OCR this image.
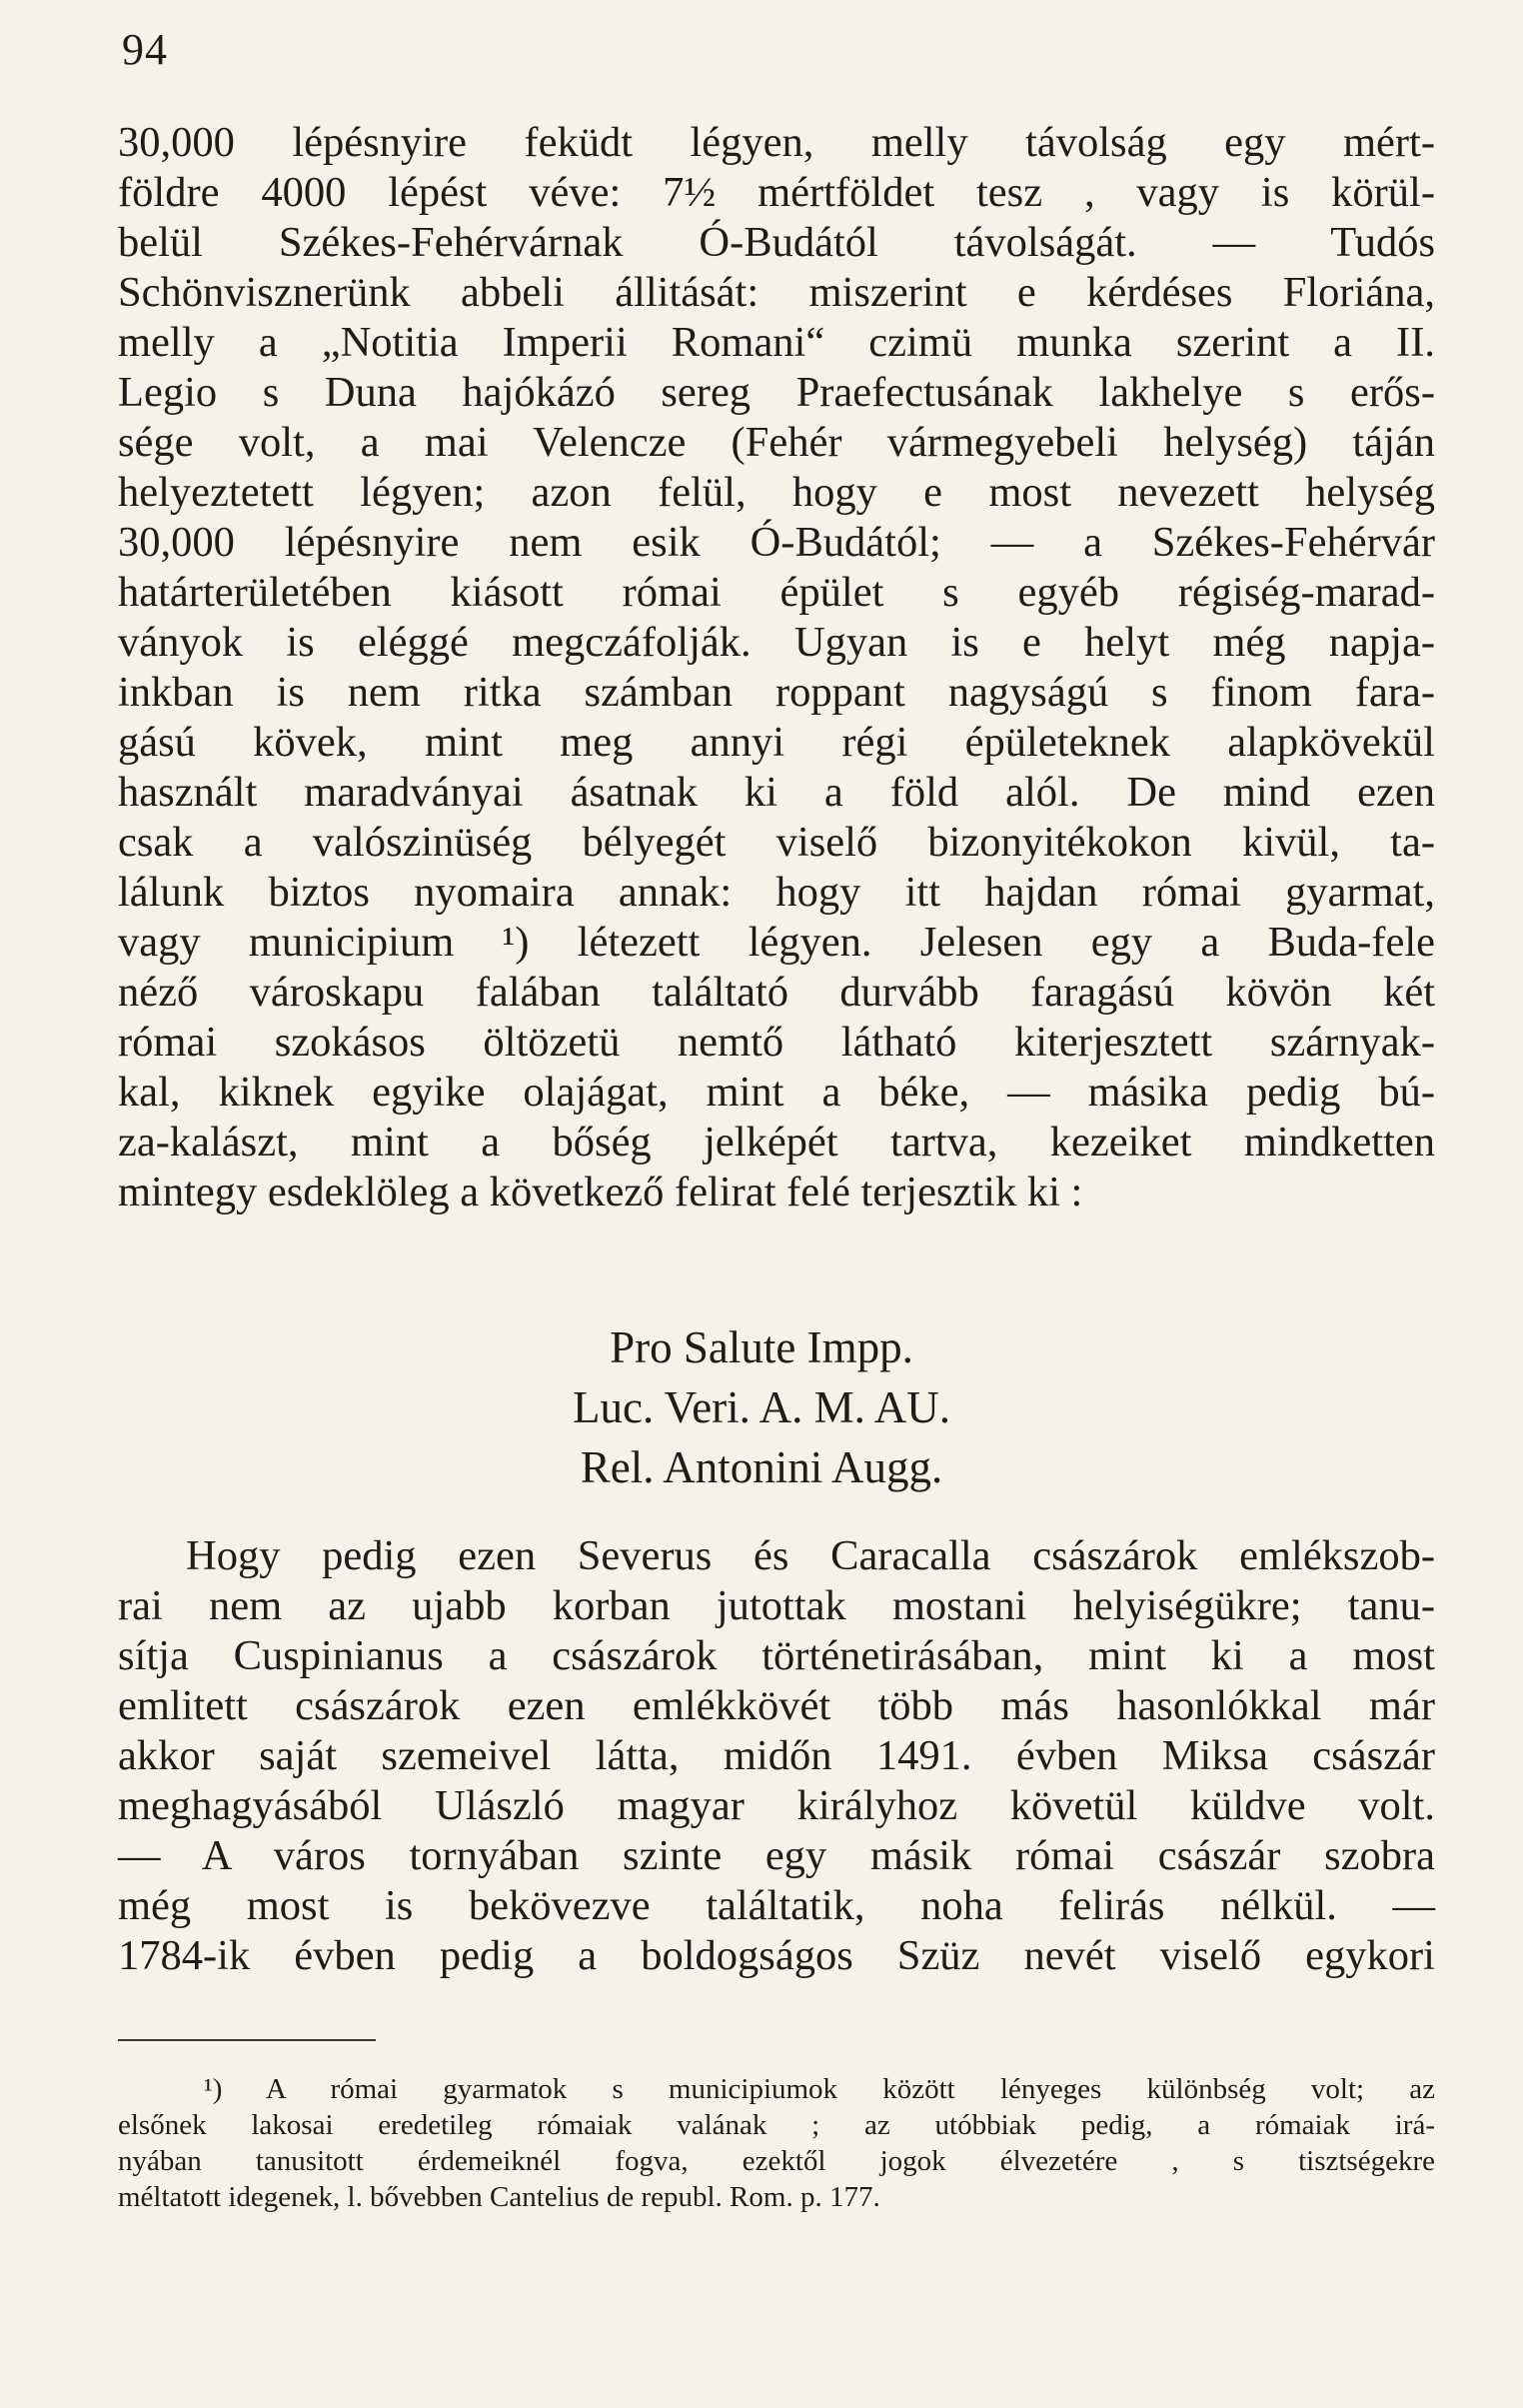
94
30,000 lépésnyire feküdt légyen, melly távolság egy mért-
földre 4000 lépést véve: 7½ mértföldet tesz , vagy is körül-
belül Székes-Fehérvárnak Ó-Budától távolságát. — Tudós
Schönvisznerünk abbeli állitását: miszerint e kérdéses Floriána,
melly a „Notitia Imperii Romani“ czimü munka szerint a II.
Legio s Duna hajókázó sereg Praefectusának lakhelye s erős-
sége volt, a mai Velencze (Fehér vármegyebeli helység) táján
helyeztetett légyen; azon felül, hogy e most nevezett helység
30,000 lépésnyire nem esik Ó-Budától; — a Székes-Fehérvár
határterületében kiásott római épület s egyéb régiség-marad-
ványok is eléggé megczáfolják. Ugyan is e helyt még napja-
inkban is nem ritka számban roppant nagyságú s finom fara-
gású kövek, mint meg annyi régi épületeknek alapkövekül
használt maradványai ásatnak ki a föld alól. De mind ezen
csak a valószinüség bélyegét viselő bizonyitékokon kivül, ta-
lálunk biztos nyomaira annak: hogy itt hajdan római gyarmat,
vagy municipium ¹) létezett légyen. Jelesen egy a Buda-fele
néző városkapu falában találtató durvább faragású kövön két
római szokásos öltözetü nemtő látható kiterjesztett szárnyak-
kal, kiknek egyike olajágat, mint a béke, — másika pedig bú-
za-kalászt, mint a bőség jelképét tartva, kezeiket mindketten
mintegy esdeklöleg a következő felirat felé terjesztik ki :
Pro Salute Impp.
Luc. Veri. A. M. AU.
Rel. Antonini Augg.
Hogy pedig ezen Severus és Caracalla császárok emlékszob-
rai nem az ujabb korban jutottak mostani helyiségükre; tanu-
sítja Cuspinianus a császárok történetirásában, mint ki a most
emlitett császárok ezen emlékkövét több más hasonlókkal már
akkor saját szemeivel látta, midőn 1491. évben Miksa császár
meghagyásából Ulászló magyar királyhoz követül küldve volt.
— A város tornyában szinte egy másik római császár szobra
még most is bekövezve találtatik, noha felirás nélkül. —
1784-ik évben pedig a boldogságos Szüz nevét viselő egykori
¹) A római gyarmatok s municipiumok között lényeges különbség volt; az
elsőnek lakosai eredetileg rómaiak valának ; az utóbbiak pedig, a rómaiak irá-
nyában tanusitott érdemeiknél fogva, ezektől jogok élvezetére , s tisztségekre
méltatott idegenek, l. bővebben Cantelius de republ. Rom. p. 177.
